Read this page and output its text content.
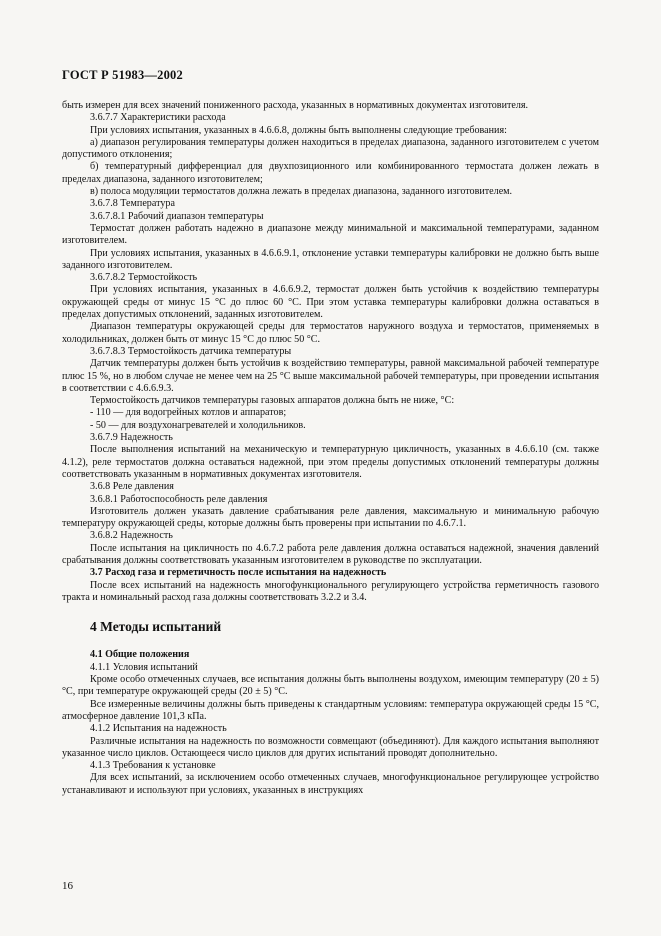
ГОСТ Р 51983—2002

быть измерен для всех значений пониженного расхода, указанных в нормативных документах изготовителя.

3.6.7.7 Характеристики расхода

При условиях испытания, указанных в 4.6.6.8, должны быть выполнены следующие требования:

а) диапазон регулирования температуры должен находиться в пределах диапазона, заданного изготовителем с учетом допустимого отклонения;

б) температурный дифференциал для двухпозиционного или комбинированного термостата должен лежать в пределах диапазона, заданного изготовителем;

в) полоса модуляции термостатов должна лежать в пределах диапазона, заданного изготовителем.

3.6.7.8 Температура

3.6.7.8.1 Рабочий диапазон температуры

Термостат должен работать надежно в диапазоне между минимальной и максимальной температурами, заданном изготовителем.

При условиях испытания, указанных в 4.6.6.9.1, отклонение уставки температуры калибровки не должно быть выше заданного изготовителем.

3.6.7.8.2 Термостойкость

При условиях испытания, указанных в 4.6.6.9.2, термостат должен быть устойчив к воздействию температуры окружающей среды от минус 15 °С до плюс 60 °С. При этом уставка температуры калибровки должна оставаться в пределах допустимых отклонений, заданных изготовителем.

Диапазон температуры окружающей среды для термостатов наружного воздуха и термостатов, применяемых в холодильниках, должен быть от минус 15 °С до плюс 50 °С.

3.6.7.8.3 Термостойкость датчика температуры

Датчик температуры должен быть устойчив к воздействию температуры, равной максимальной рабочей температуре плюс 15 %, но в любом случае не менее чем на 25 °С выше максимальной рабочей температуры, при проведении испытания в соответствии с 4.6.6.9.3.

Термостойкость датчиков температуры газовых аппаратов должна быть не ниже, °С:

- 110 — для водогрейных котлов и аппаратов;

- 50 — для воздухонагревателей и холодильников.

3.6.7.9 Надежность

После выполнения испытаний на механическую и температурную цикличность, указанных в 4.6.6.10 (см. также 4.1.2), реле термостатов должна оставаться надежной, при этом пределы допустимых отклонений температуры должны соответствовать указанным в нормативных документах изготовителя.

3.6.8 Реле давления

3.6.8.1 Работоспособность реле давления

Изготовитель должен указать давление срабатывания реле давления, максимальную и минимальную рабочую температуру окружающей среды, которые должны быть проверены при испытании по 4.6.7.1.

3.6.8.2 Надежность

После испытания на цикличность по 4.6.7.2 работа реле давления должна оставаться надежной, значения давлений срабатывания должны соответствовать указанным изготовителем в руководстве по эксплуатации.

3.7 Расход газа и герметичность после испытания на надежность

После всех испытаний на надежность многофункционального регулирующего устройства герметичность газового тракта и номинальный расход газа должны соответствовать 3.2.2 и 3.4.

4 Методы испытаний

4.1 Общие положения

4.1.1 Условия испытаний

Кроме особо отмеченных случаев, все испытания должны быть выполнены воздухом, имеющим температуру (20 ± 5) °С, при температуре окружающей среды (20 ± 5) °С.

Все измеренные величины должны быть приведены к стандартным условиям: температура окружающей среды 15 °С, атмосферное давление 101,3 кПа.

4.1.2 Испытания на надежность

Различные испытания на надежность по возможности совмещают (объединяют). Для каждого испытания выполняют указанное число циклов. Остающееся число циклов для других испытаний проводят дополнительно.

4.1.3 Требования к установке

Для всех испытаний, за исключением особо отмеченных случаев, многофункциональное регулирующее устройство устанавливают и используют при условиях, указанных в инструкциях

16
